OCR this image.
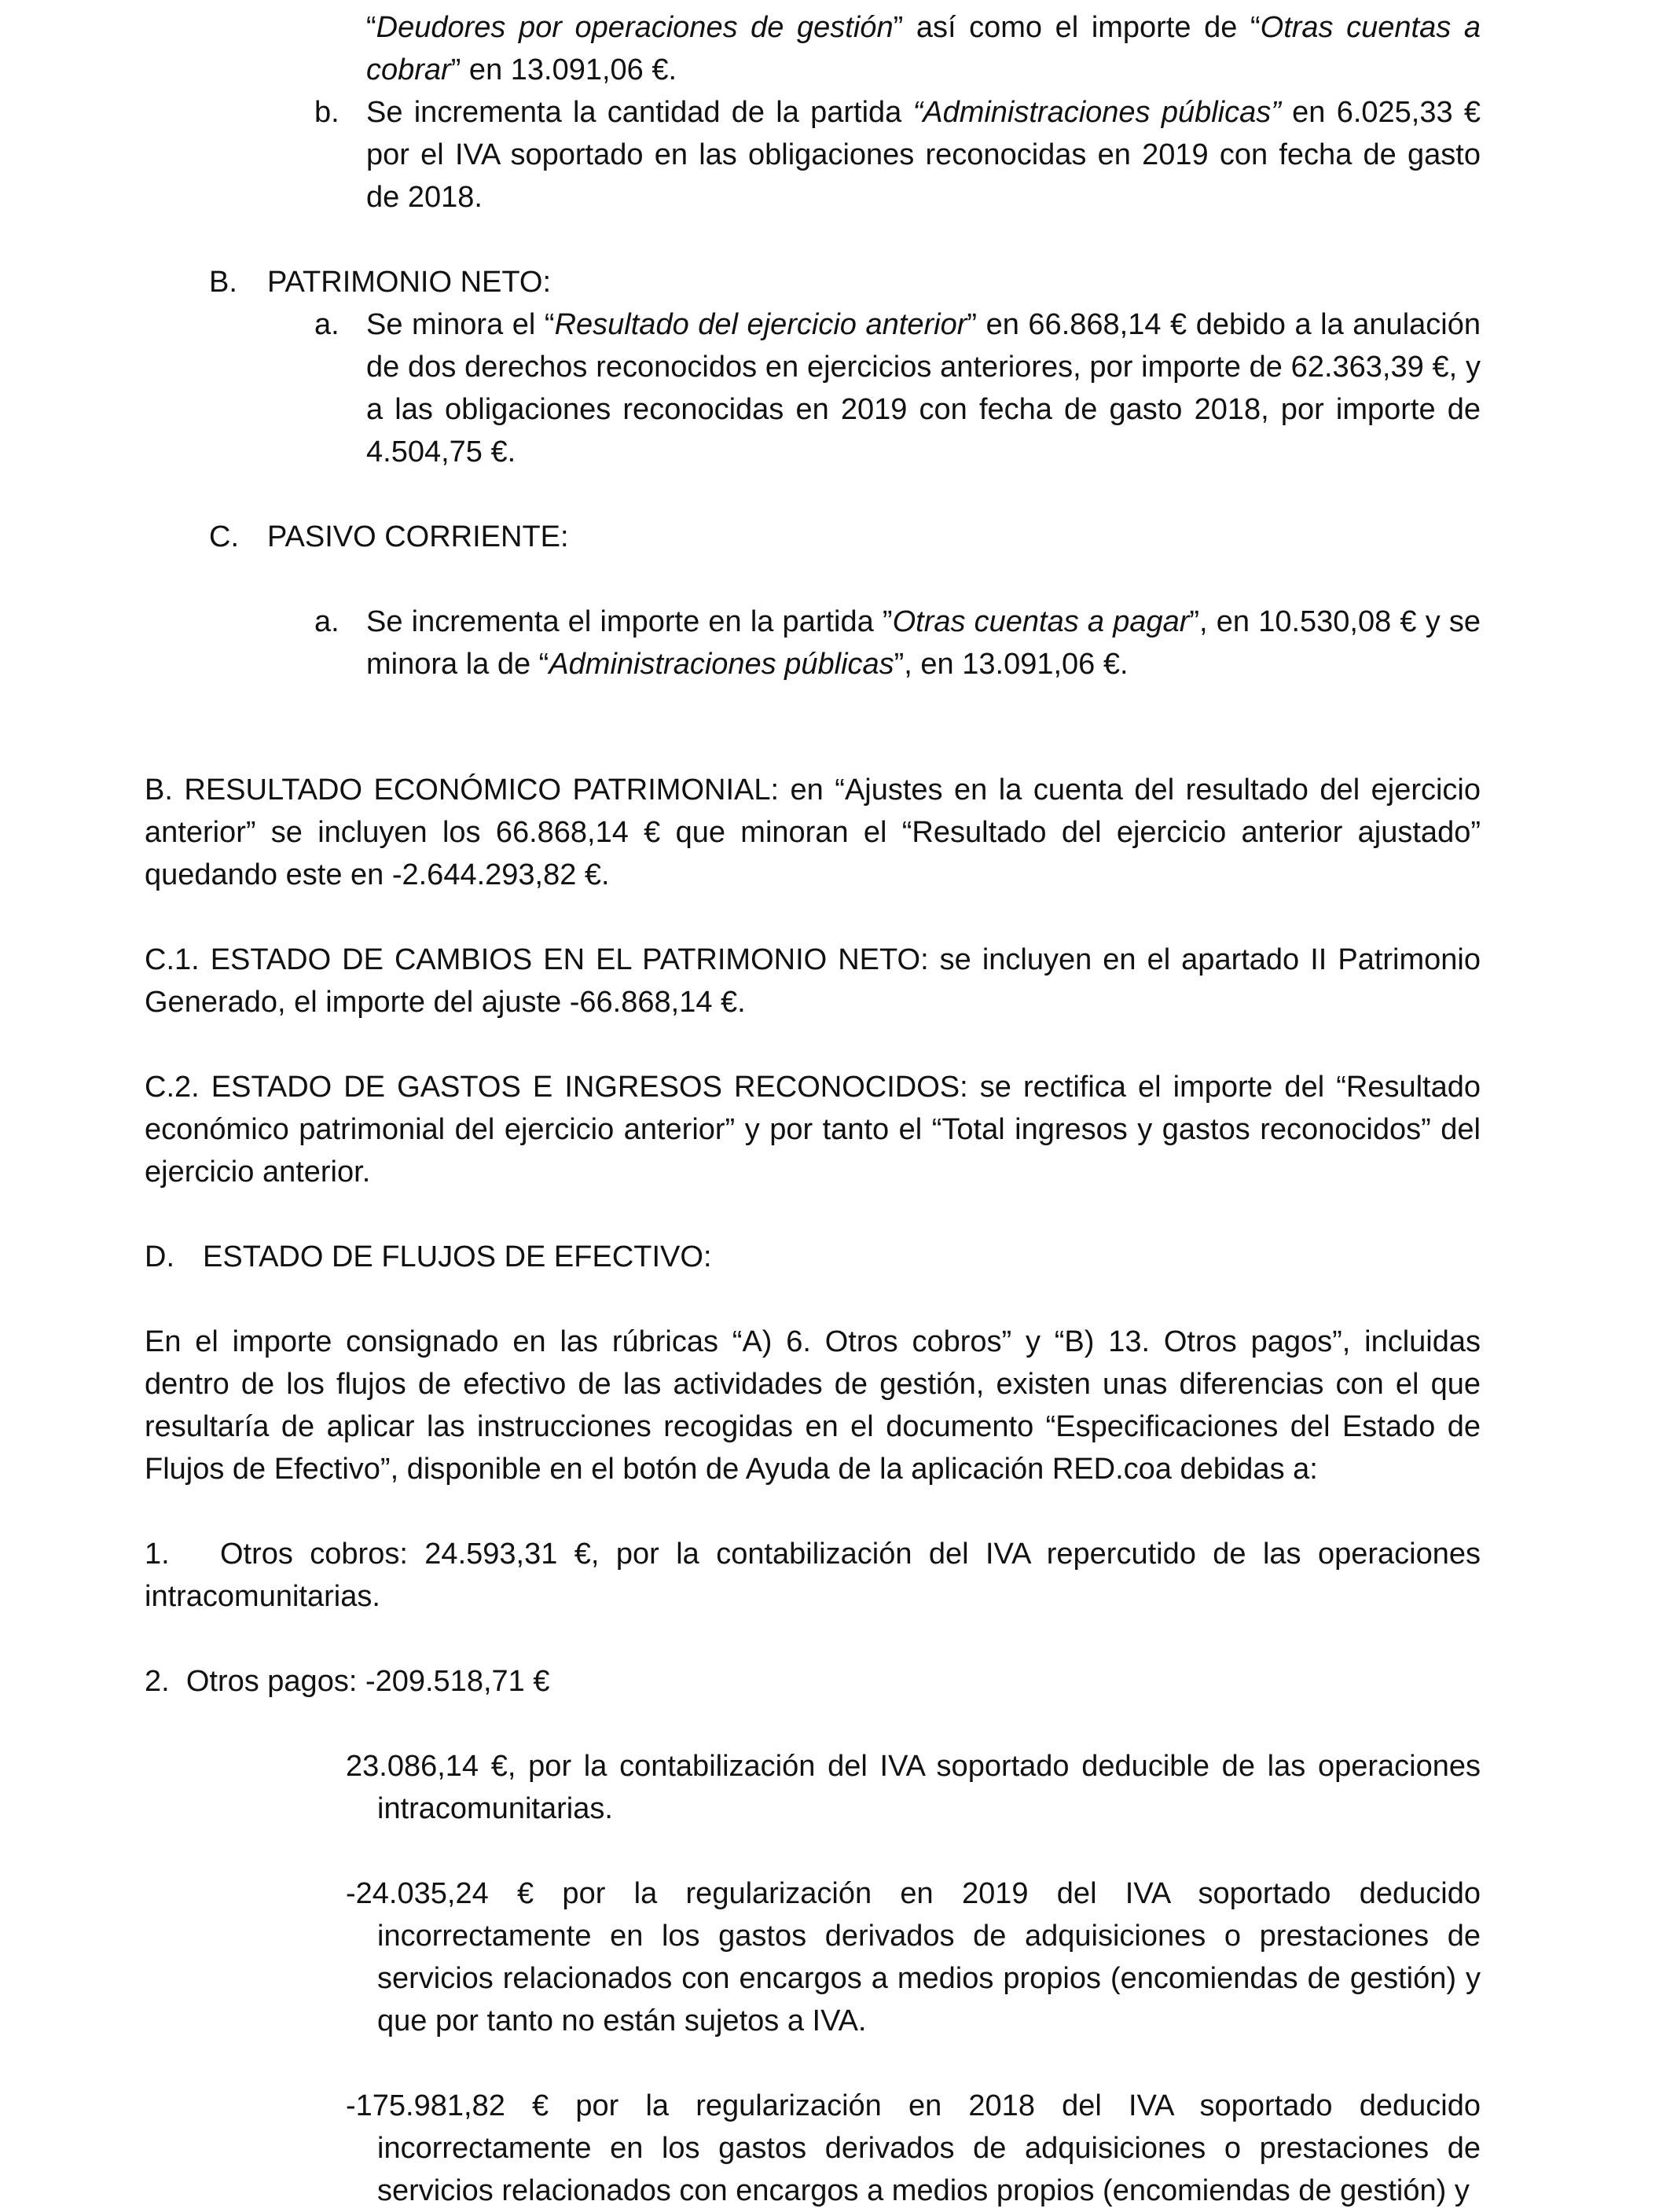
“Deudores por operaciones de gestión” así como el importe de “Otras cuentas a cobrar” en 13.091,06 €.

b. Se incrementa la cantidad de la partida “Administraciones públicas” en 6.025,33 € por el IVA soportado en las obligaciones reconocidas en 2019 con fecha de gasto de 2018.

B. PATRIMONIO NETO:
a. Se minora el “Resultado del ejercicio anterior” en 66.868,14 € debido a la anulación de dos derechos reconocidos en ejercicios anteriores, por importe de 62.363,39 €, y a las obligaciones reconocidas en 2019 con fecha de gasto 2018, por importe de 4.504,75 €.

C. PASIVO CORRIENTE:
a. Se incrementa el importe en la partida ”Otras cuentas a pagar”, en 10.530,08 € y se minora la de “Administraciones públicas”, en 13.091,06 €.

B. RESULTADO ECONÓMICO PATRIMONIAL: en “Ajustes en la cuenta del resultado del ejercicio anterior” se incluyen los 66.868,14 € que minoran el “Resultado del ejercicio anterior ajustado” quedando este en -2.644.293,82 €.

C.1. ESTADO DE CAMBIOS EN EL PATRIMONIO NETO: se incluyen en el apartado II Patrimonio Generado, el importe del ajuste -66.868,14 €.

C.2. ESTADO DE GASTOS E INGRESOS RECONOCIDOS: se rectifica el importe del “Resultado económico patrimonial del ejercicio anterior” y por tanto el “Total ingresos y gastos reconocidos” del ejercicio anterior.

D. ESTADO DE FLUJOS DE EFECTIVO:

En el importe consignado en las rúbricas “A) 6. Otros cobros” y “B) 13. Otros pagos”, incluidas dentro de los flujos de efectivo de las actividades de gestión, existen unas diferencias con el que resultaría de aplicar las instrucciones recogidas en el documento “Especificaciones del Estado de Flujos de Efectivo”, disponible en el botón de Ayuda de la aplicación RED.coa debidas a:

1. Otros cobros: 24.593,31 €, por la contabilización del IVA repercutido de las operaciones intracomunitarias.

2. Otros pagos: -209.518,71 €

23.086,14 €, por la contabilización del IVA soportado deducible de las operaciones intracomunitarias.

-24.035,24 € por la regularización en 2019 del IVA soportado deducido incorrectamente en los gastos derivados de adquisiciones o prestaciones de servicios relacionados con encargos a medios propios (encomiendas de gestión) y que por tanto no están sujetos a IVA.

-175.981,82 € por la regularización en 2018 del IVA soportado deducido incorrectamente en los gastos derivados de adquisiciones o prestaciones de servicios relacionados con encargos a medios propios (encomiendas de gestión) y
